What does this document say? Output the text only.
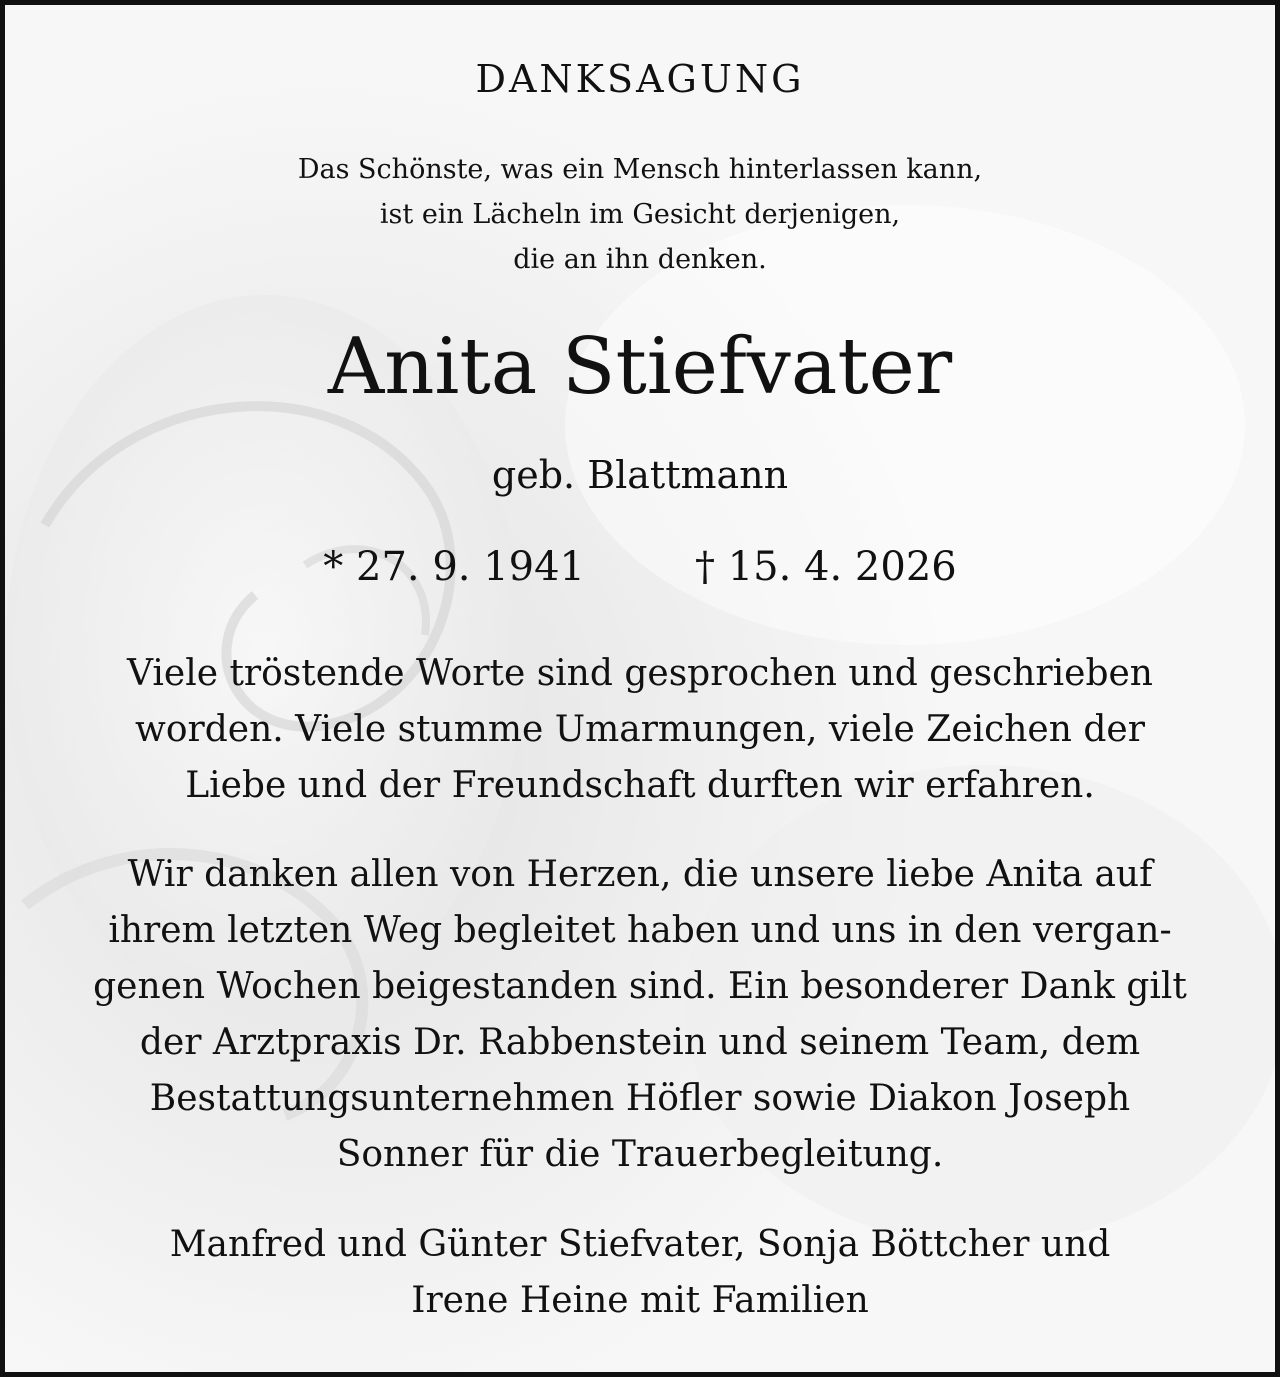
DANKSAGUNG
Das Schönste, was ein Mensch hinterlassen kann,
ist ein Lächeln im Gesicht derjenigen,
die an ihn denken.
Anita Stiefvater
geb. Blattmann
* 27. 9. 1941	† 15. 4. 2026
Viele tröstende Worte sind gesprochen und geschrieben
worden. Viele stumme Umarmungen, viele Zeichen der
Liebe und der Freundschaft durften wir erfahren.
Wir danken allen von Herzen, die unsere liebe Anita auf
ihrem letzten Weg begleitet haben und uns in den vergan-
genen Wochen beigestanden sind. Ein besonderer Dank gilt
der Arztpraxis Dr. Rabbenstein und seinem Team, dem
Bestattungsunternehmen Höfler sowie Diakon Joseph
Sonner für die Trauerbegleitung.
Manfred und Günter Stiefvater, Sonja Böttcher und
Irene Heine mit Familien
